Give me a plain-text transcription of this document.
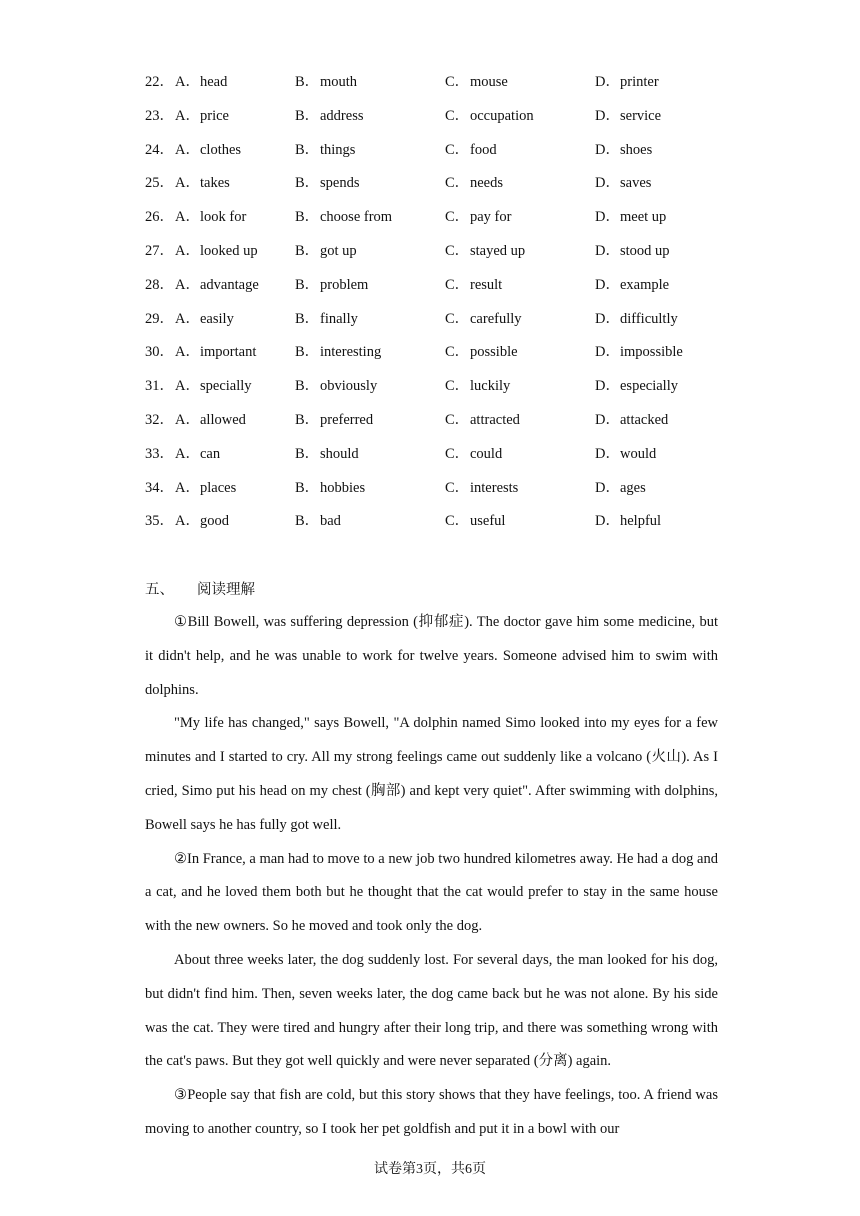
22． A．head	B．mouth	C．mouse	D．printer
23． A．price	B．address	C．occupation	D．service
24． A．clothes	B．things	C．food	D．shoes
25． A．takes	B．spends	C．needs	D．saves
26． A．look for	B．choose from	C．pay for	D．meet up
27． A．looked up	B．got up	C．stayed up	D．stood up
28． A．advantage B．problem	C．result	D．example
29． A．easily	B．finally	C．carefully	D．difficultly
30． A．important	B．interesting	C．possible	D．impossible
31． A．specially	B．obviously	C．luckily	D．especially
32． A．allowed	B．preferred	C．attracted	D．attacked
33． A．can	B．should	C．could	D．would
34． A．places	B．hobbies	C．interests	D．ages
35． A．good	B．bad	C．useful	D．helpful
五、 阅读理解

①Bill Bowell, was suffering depression (抑郁症). The doctor gave him some medicine, but it didn't help, and he was unable to work for twelve years. Someone advised him to swim with dolphins.

"My life has changed," says Bowell, "A dolphin named Simo looked into my eyes for a few minutes and I started to cry. All my strong feelings came out suddenly like a volcano (火山). As I cried, Simo put his head on my chest (胸部) and kept very quiet". After swimming with dolphins, Bowell says he has fully got well.

②In France, a man had to move to a new job two hundred kilometres away. He had a dog and a cat, and he loved them both but he thought that the cat would prefer to stay in the same house with the new owners. So he moved and took only the dog.

About three weeks later, the dog suddenly lost. For several days, the man looked for his dog, but didn't find him. Then, seven weeks later, the dog came back but he was not alone. By his side was the cat. They were tired and hungry after their long trip, and there was something wrong with the cat's paws. But they got well quickly and were never separated (分离) again.

③People say that fish are cold, but this story shows that they have feelings, too. A friend was moving to another country, so I took her pet goldfish and put it in a bowl with our

试卷第3页，共6页
